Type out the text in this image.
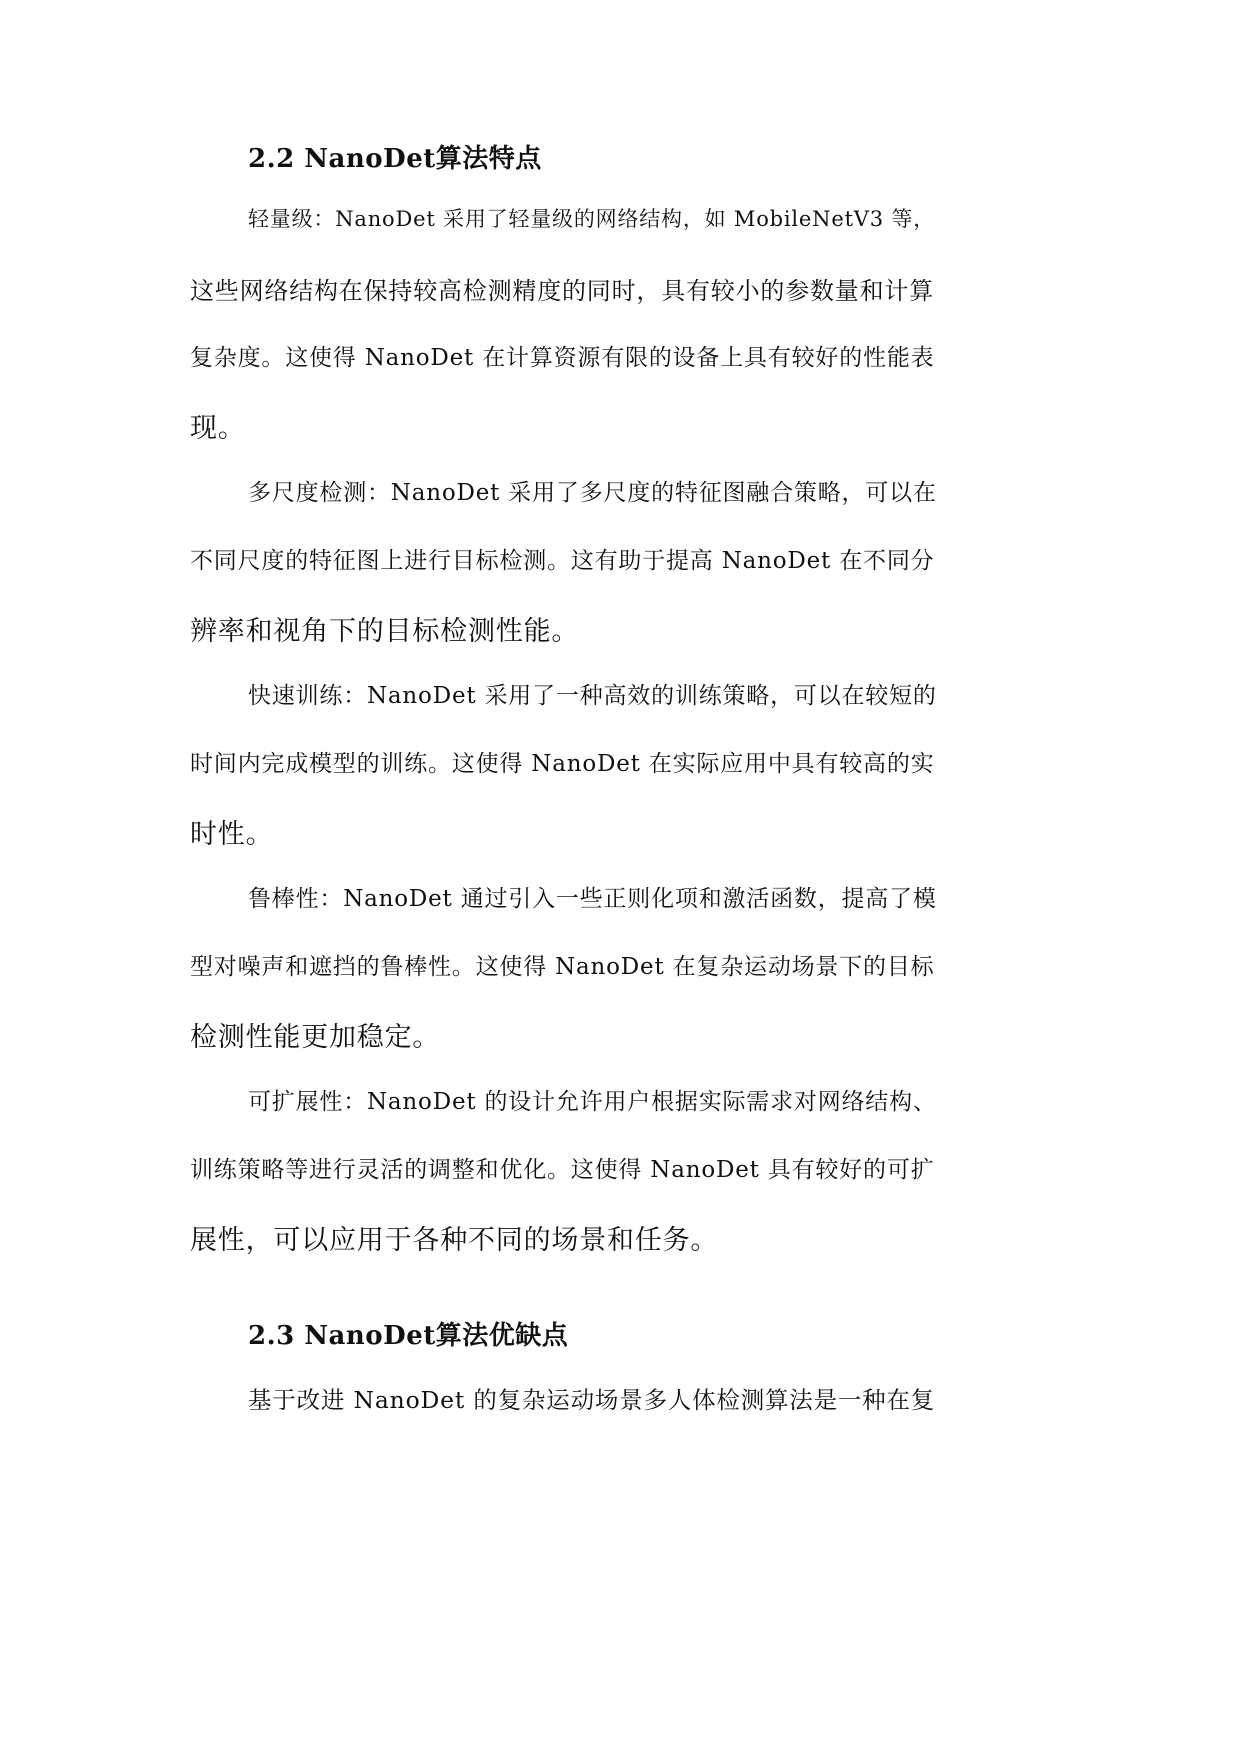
2.2 NanoDet算法特点
轻量级：NanoDet 采用了轻量级的网络结构，如 MobileNetV3 等，
这些网络结构在保持较高检测精度的同时，具有较小的参数量和计算
复杂度。这使得 NanoDet 在计算资源有限的设备上具有较好的性能表
现。
多尺度检测：NanoDet 采用了多尺度的特征图融合策略，可以在
不同尺度的特征图上进行目标检测。这有助于提高 NanoDet 在不同分
辨率和视角下的目标检测性能。
快速训练：NanoDet 采用了一种高效的训练策略，可以在较短的
时间内完成模型的训练。这使得 NanoDet 在实际应用中具有较高的实
时性。
鲁棒性：NanoDet 通过引入一些正则化项和激活函数，提高了模
型对噪声和遮挡的鲁棒性。这使得 NanoDet 在复杂运动场景下的目标
检测性能更加稳定。
可扩展性：NanoDet 的设计允许用户根据实际需求对网络结构、
训练策略等进行灵活的调整和优化。这使得 NanoDet 具有较好的可扩
展性，可以应用于各种不同的场景和任务。
2.3 NanoDet算法优缺点
基于改进 NanoDet 的复杂运动场景多人体检测算法是一种在复
